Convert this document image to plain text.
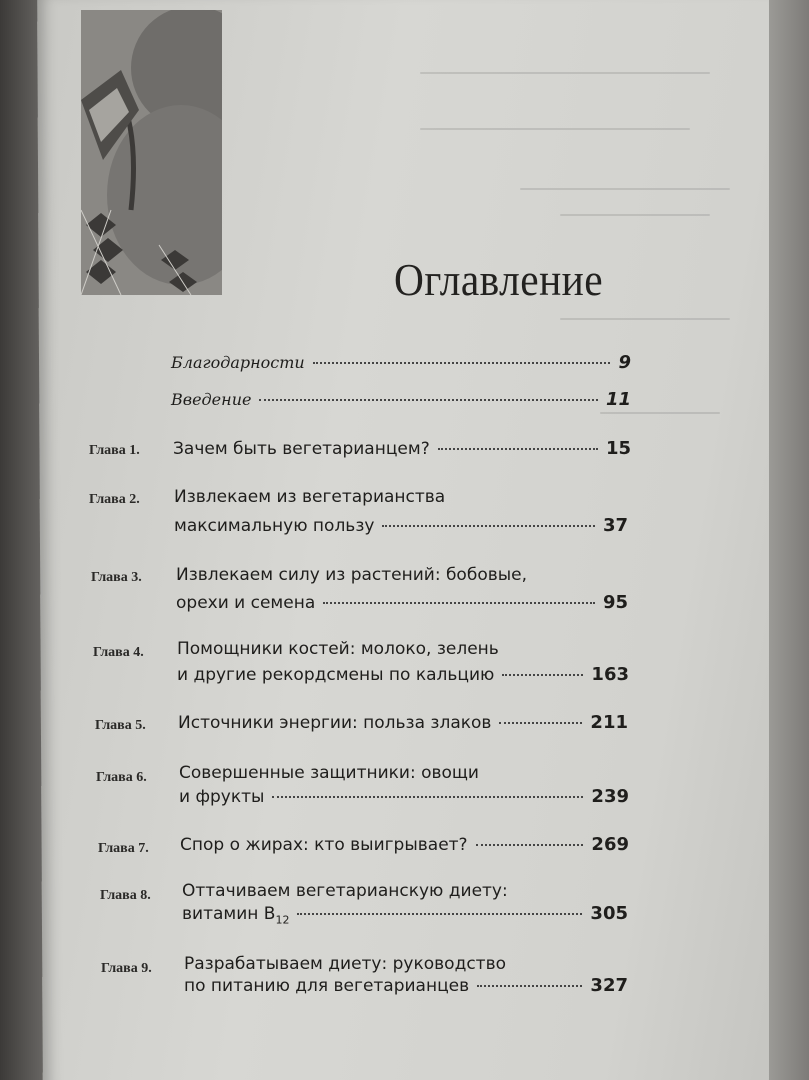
Оглавление
Благодарности	9
Введение	11
Глава 1. Зачем быть вегетарианцем?	15
Глава 2. Извлекаем из вегетарианства
максимальную пользу	37
Глава 3. Извлекаем силу из растений: бобовые,
орехи и семена	95
Глава 4. Помощники костей: молоко, зелень
и другие рекордсмены по кальцию	163
Глава 5. Источники энергии: польза злаков	211
Глава 6. Совершенные защитники: овощи
и фрукты	239
Глава 7. Спор о жирах: кто выигрывает?	269
Глава 8. Оттачиваем вегетарианскую диету:
витамин $B_{12}$	305
Глава 9. Разрабатываем диету: руководство
по питанию для вегетарианцев	327
